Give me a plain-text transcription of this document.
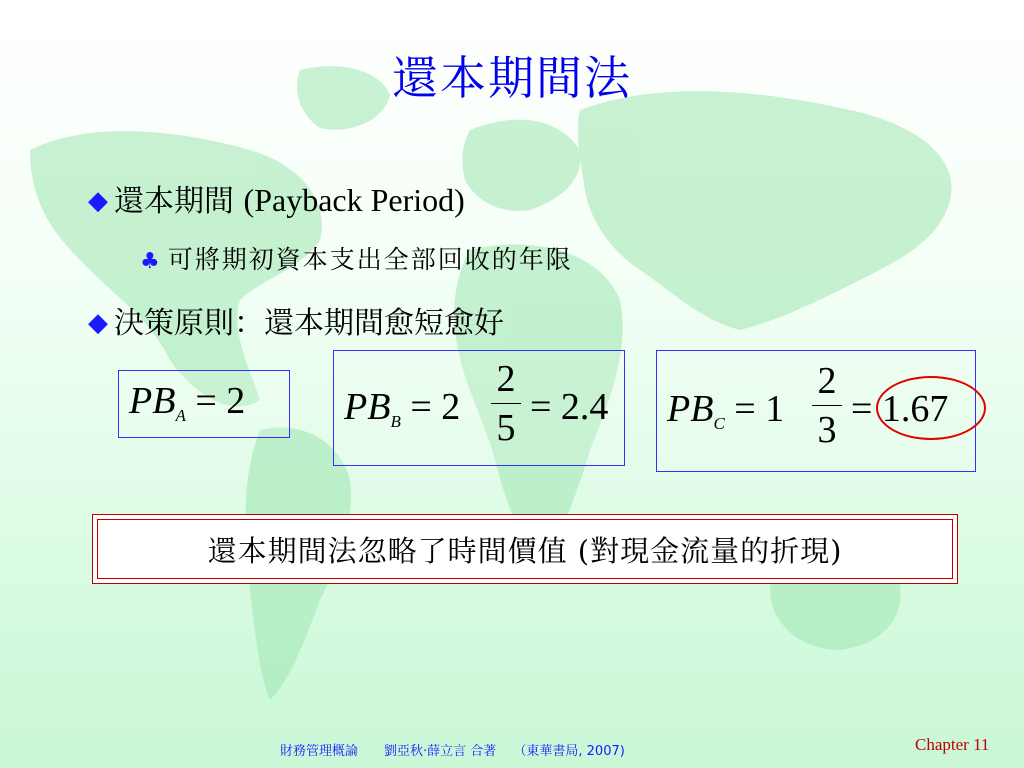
還本期間法
◆ 還本期間 (Payback Period)
♣ 可將期初資本支出全部回收的年限
◆ 決策原則：還本期間愈短愈好
$PB_A = 2$	$PB_B = 2$
2
5 = 2.4 $PB_C = 1$
2
3 = 1.67
還本期間法忽略了時間價值 (對現金流量的折現)
財務管理概論　　劉亞秋‧薛立言 合著　 （東華書局, 2007)	Chapter 11
